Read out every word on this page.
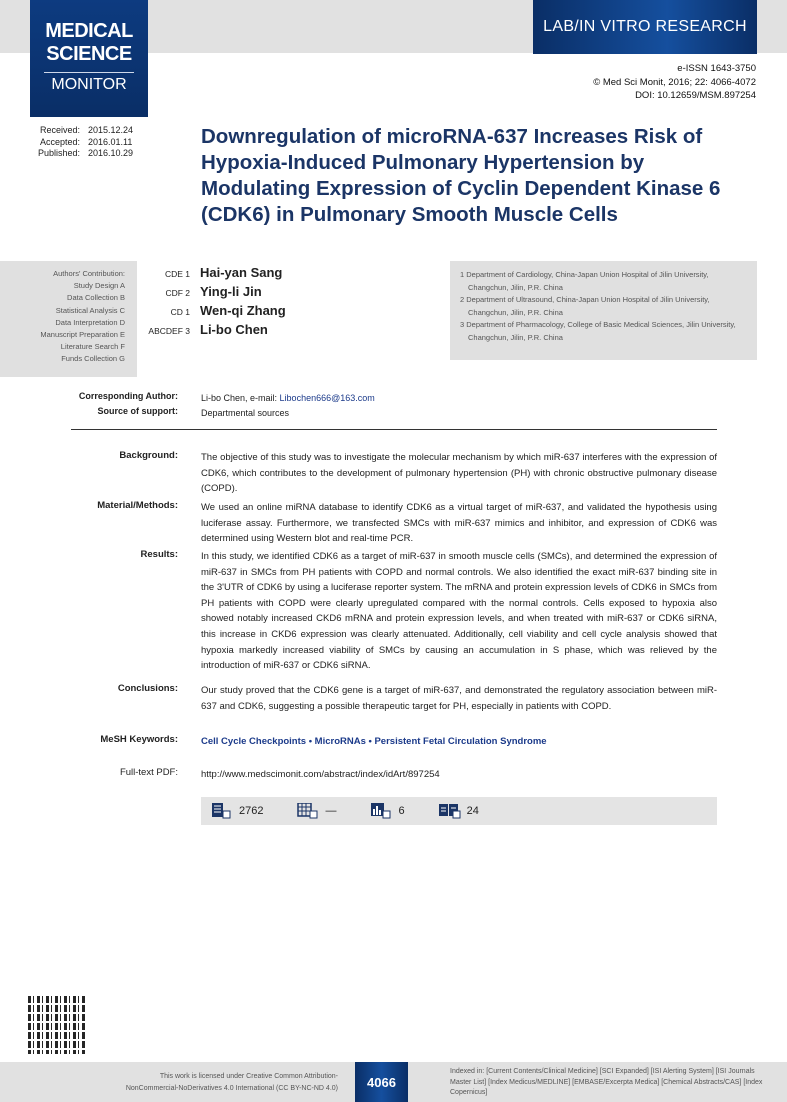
MEDICAL
SCIENCE
MONITOR
LAB/IN VITRO RESEARCH
e-ISSN 1643-3750
© Med Sci Monit, 2016; 22: 4066-4072
DOI: 10.12659/MSM.897254
Received: 2015.12.24
Accepted: 2016.01.11
Published: 2016.10.29
Downregulation of microRNA-637 Increases Risk of Hypoxia-Induced Pulmonary Hypertension by Modulating Expression of Cyclin Dependent Kinase 6 (CDK6) in Pulmonary Smooth Muscle Cells
Authors' Contribution:
Study Design A
Data Collection B
Statistical Analysis C
Data Interpretation D
Manuscript Preparation E
Literature Search F
Funds Collection G
CDE 1 Hai-yan Sang
CDF 2 Ying-li Jin
CD 1 Wen-qi Zhang
ABCDEF 3 Li-bo Chen
1 Department of Cardiology, China-Japan Union Hospital of Jilin University,
Changchun, Jilin, P.R. China
2 Department of Ultrasound, China-Japan Union Hospital of Jilin University,
Changchun, Jilin, P.R. China
3 Department of Pharmacology, College of Basic Medical Sciences, Jilin University,
Changchun, Jilin, P.R. China
Corresponding Author:	Li-bo Chen, e-mail: Libochen666@163.com
Source of support:	Departmental sources
Background: The objective of this study was to investigate the molecular mechanism by which miR-637 interferes with the expression of CDK6, which contributes to the development of pulmonary hypertension (PH) with chronic obstructive pulmonary disease (COPD).
Material/Methods: We used an online miRNA database to identify CDK6 as a virtual target of miR-637, and validated the hypothesis using luciferase assay. Furthermore, we transfected SMCs with miR-637 mimics and inhibitor, and expression of CDK6 was determined using Western blot and real-time PCR.
Results: In this study, we identified CDK6 as a target of miR-637 in smooth muscle cells (SMCs), and determined the expression of miR-637 in SMCs from PH patients with COPD and normal controls. We also identified the exact miR-637 binding site in the 3'UTR of CDK6 by using a luciferase reporter system. The mRNA and protein expression levels of CDK6 in SMCs from PH patients with COPD were clearly upregulated compared with the normal controls. Cells exposed to hypoxia also showed notably increased CKD6 mRNA and protein expression levels, and when treated with miR-637 or CDK6 siRNA, this increase in CKD6 expression was clearly attenuated. Additionally, cell viability and cell cycle analysis showed that hypoxia markedly increased viability of SMCs by causing an accumulation in S phase, which was relieved by the introduction of miR-637 or CDK6 siRNA.
Conclusions: Our study proved that the CDK6 gene is a target of miR-637, and demonstrated the regulatory association between miR-637 and CDK6, suggesting a possible therapeutic target for PH, especially in patients with COPD.
MeSH Keywords: Cell Cycle Checkpoints • MicroRNAs • Persistent Fetal Circulation Syndrome
Full-text PDF: http://www.medscimonit.com/abstract/index/idArt/897254
2762	—	6	24
This work is licensed under Creative Common Attribution-
NonCommercial-NoDerivatives 4.0 International (CC BY-NC-ND 4.0)	4066
Indexed in: [Current Contents/Clinical Medicine] [SCI Expanded] [ISI Alerting System] [ISI Journals Master List] [Index Medicus/MEDLINE] [EMBASE/Excerpta Medica] [Chemical Abstracts/CAS] [Index Copernicus]
